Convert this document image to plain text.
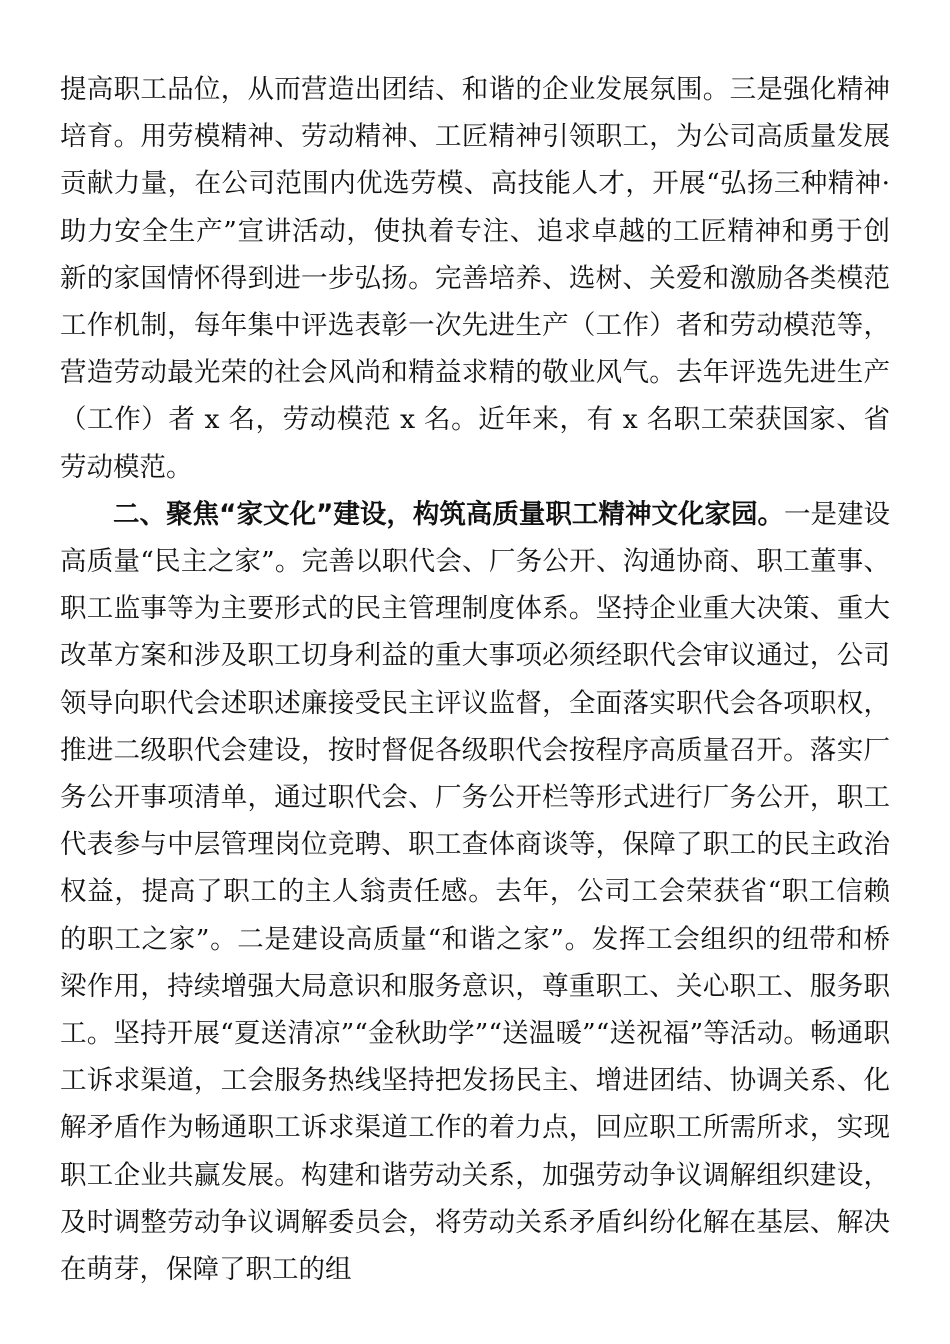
提高职工品位，从而营造出团结、和谐的企业发展氛围。三是强化精神培育。用劳模精神、劳动精神、工匠精神引领职工，为公司高质量发展贡献力量，在公司范围内优选劳模、高技能人才，开展“弘扬三种精神·助力安全生产”宣讲活动，使执着专注、追求卓越的工匠精神和勇于创新的家国情怀得到进一步弘扬。完善培养、选树、关爱和激励各类模范工作机制，每年集中评选表彰一次先进生产（工作）者和劳动模范等，营造劳动最光荣的社会风尚和精益求精的敬业风气。去年评选先进生产（工作）者 x 名，劳动模范 x 名。近年来，有 x 名职工荣获国家、省劳动模范。

二、聚焦“家文化”建设，构筑高质量职工精神文化家园。一是建设高质量“民主之家”。完善以职代会、厂务公开、沟通协商、职工董事、职工监事等为主要形式的民主管理制度体系。坚持企业重大决策、重大改革方案和涉及职工切身利益的重大事项必须经职代会审议通过，公司领导向职代会述职述廉接受民主评议监督，全面落实职代会各项职权，推进二级职代会建设，按时督促各级职代会按程序高质量召开。落实厂务公开事项清单，通过职代会、厂务公开栏等形式进行厂务公开，职工代表参与中层管理岗位竞聘、职工查体商谈等，保障了职工的民主政治权益，提高了职工的主人翁责任感。去年，公司工会荣获省“职工信赖的职工之家”。二是建设高质量“和谐之家”。发挥工会组织的纽带和桥梁作用，持续增强大局意识和服务意识，尊重职工、关心职工、服务职工。坚持开展“夏送清凉”“金秋助学”“送温暖”“送祝福”等活动。畅通职工诉求渠道，工会服务热线坚持把发扬民主、增进团结、协调关系、化解矛盾作为畅通职工诉求渠道工作的着力点，回应职工所需所求，实现职工企业共赢发展。构建和谐劳动关系，加强劳动争议调解组织建设，及时调整劳动争议调解委员会，将劳动关系矛盾纠纷化解在基层、解决在萌芽，保障了职工的组
